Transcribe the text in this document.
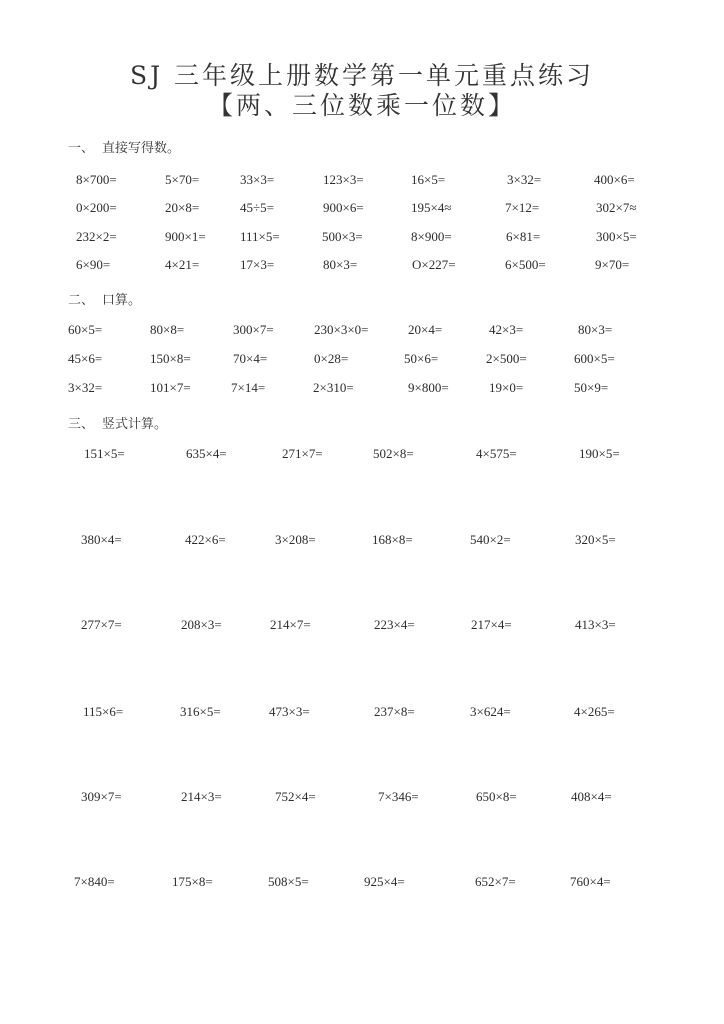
SJ 三年级上册数学第一单元重点练习
【两、三位数乘一位数】
一、 直接写得数。
8×700=	5×70=	33×3=	123×3=	16×5=	3×32=	400×6=
0×200=	20×8=	45÷5=	900×6=	195×4≈	7×12=	302×7≈
232×2=	900×1=	111×5=	500×3=	8×900=	6×81=	300×5=
6×90=	4×21=	17×3=	80×3=	O×227=	6×500=	9×70=
二、 口算。
60×5=	80×8=	300×7=	230×3×0=	20×4=	42×3=	80×3=
45×6=	150×8=	70×4=	0×28=	50×6=	2×500=	600×5=
3×32=	101×7=	7×14=	2×310=	9×800=	19×0=	50×9=
三、 竖式计算。
151×5=	635×4=	271×7=	502×8=	4×575=	190×5=
380×4=	422×6=	3×208=	168×8=	540×2=	320×5=
277×7=	208×3=	214×7=	223×4=	217×4=	413×3=
115×6=	316×5=	473×3=	237×8=	3×624=	4×265=
309×7=	214×3=	752×4=	7×346=	650×8=	408×4=
7×840=	175×8=	508×5=	925×4=	652×7=	760×4=
